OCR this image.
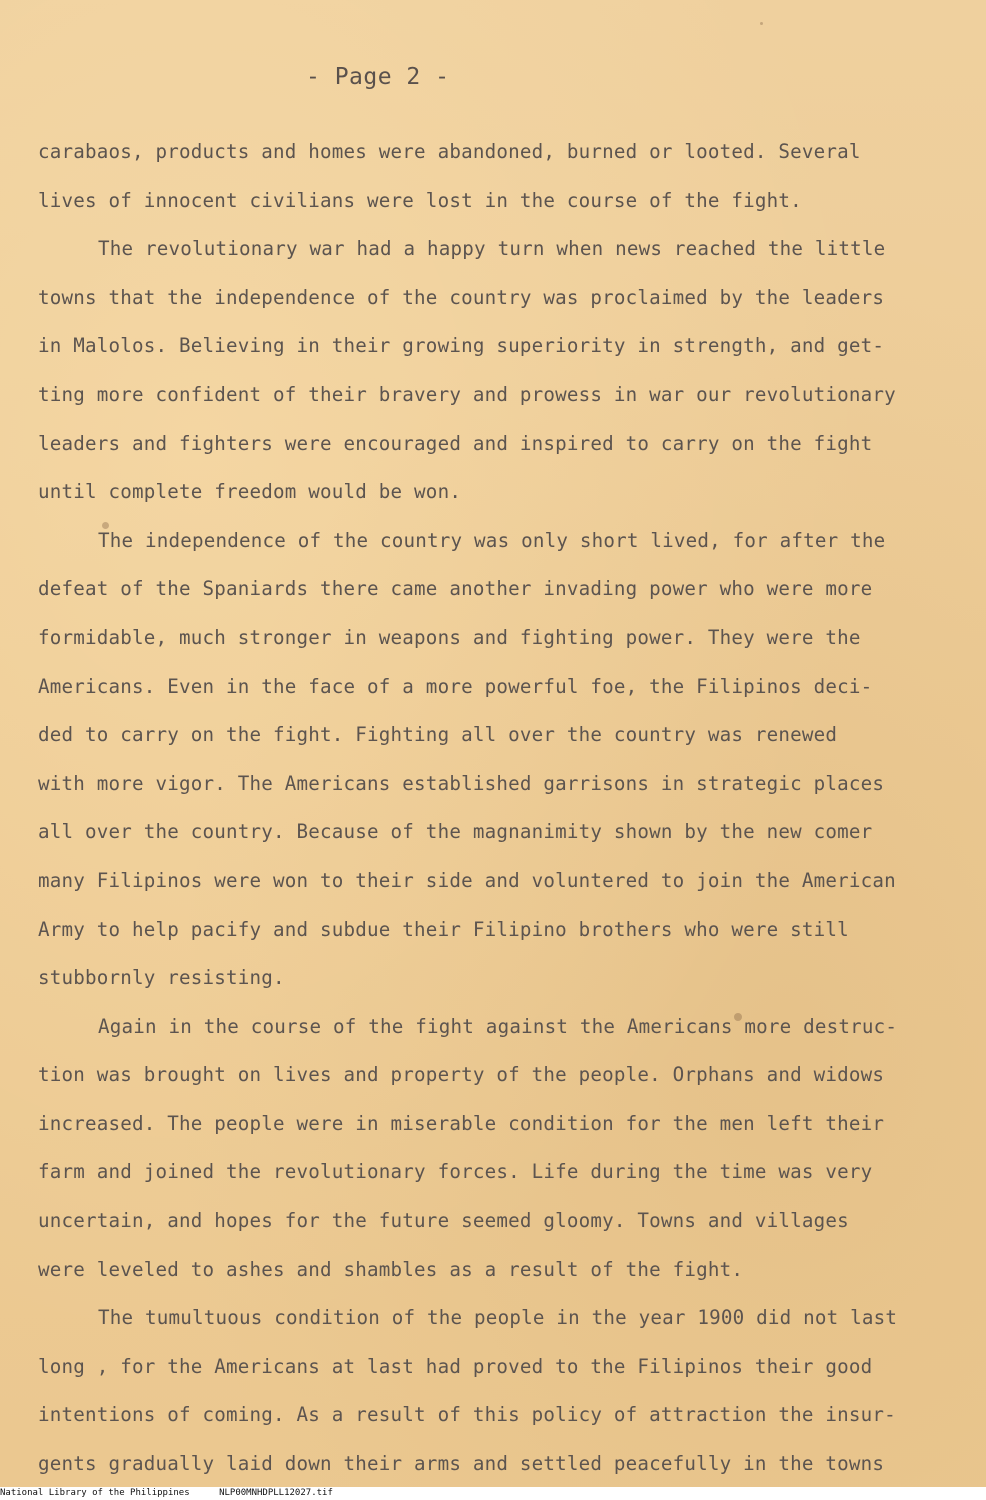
- Page 2 -
carabaos, products and homes were abandoned, burned or looted. Several
lives of innocent civilians were lost in the course of the fight.
The revolutionary war had a happy turn when news reached the little
towns that the independence of the country was proclaimed by the leaders
in Malolos. Believing in their growing superiority in strength, and get-
ting more confident of their bravery and prowess in war our revolutionary
leaders and fighters were encouraged and inspired to carry on the fight
until complete freedom would be won.
The independence of the country was only short lived, for after the
defeat of the Spaniards there came another invading power who were more
formidable, much stronger in weapons and fighting power. They were the
Americans. Even in the face of a more powerful foe, the Filipinos deci-
ded to carry on the fight. Fighting all over the country was renewed
with more vigor. The Americans established garrisons in strategic places
all over the country. Because of the magnanimity shown by the new comer
many Filipinos were won to their side and voluntered to join the American
Army to help pacify and subdue their Filipino brothers who were still
stubbornly resisting.
Again in the course of the fight against the Americans more destruc-
tion was brought on lives and property of the people. Orphans and widows
increased. The people were in miserable condition for the men left their
farm and joined the revolutionary forces. Life during the time was very
uncertain, and hopes for the future seemed gloomy. Towns and villages
were leveled to ashes and shambles as a result of the fight.
The tumultuous condition of the people in the year 1900 did not last
long , for the Americans at last had proved to the Filipinos their good
intentions of coming. As a result of this policy of attraction the insur-
gents gradually laid down their arms and settled peacefully in the towns
National Library of the Philippines	NLP00MNHDPLL12027.tif
